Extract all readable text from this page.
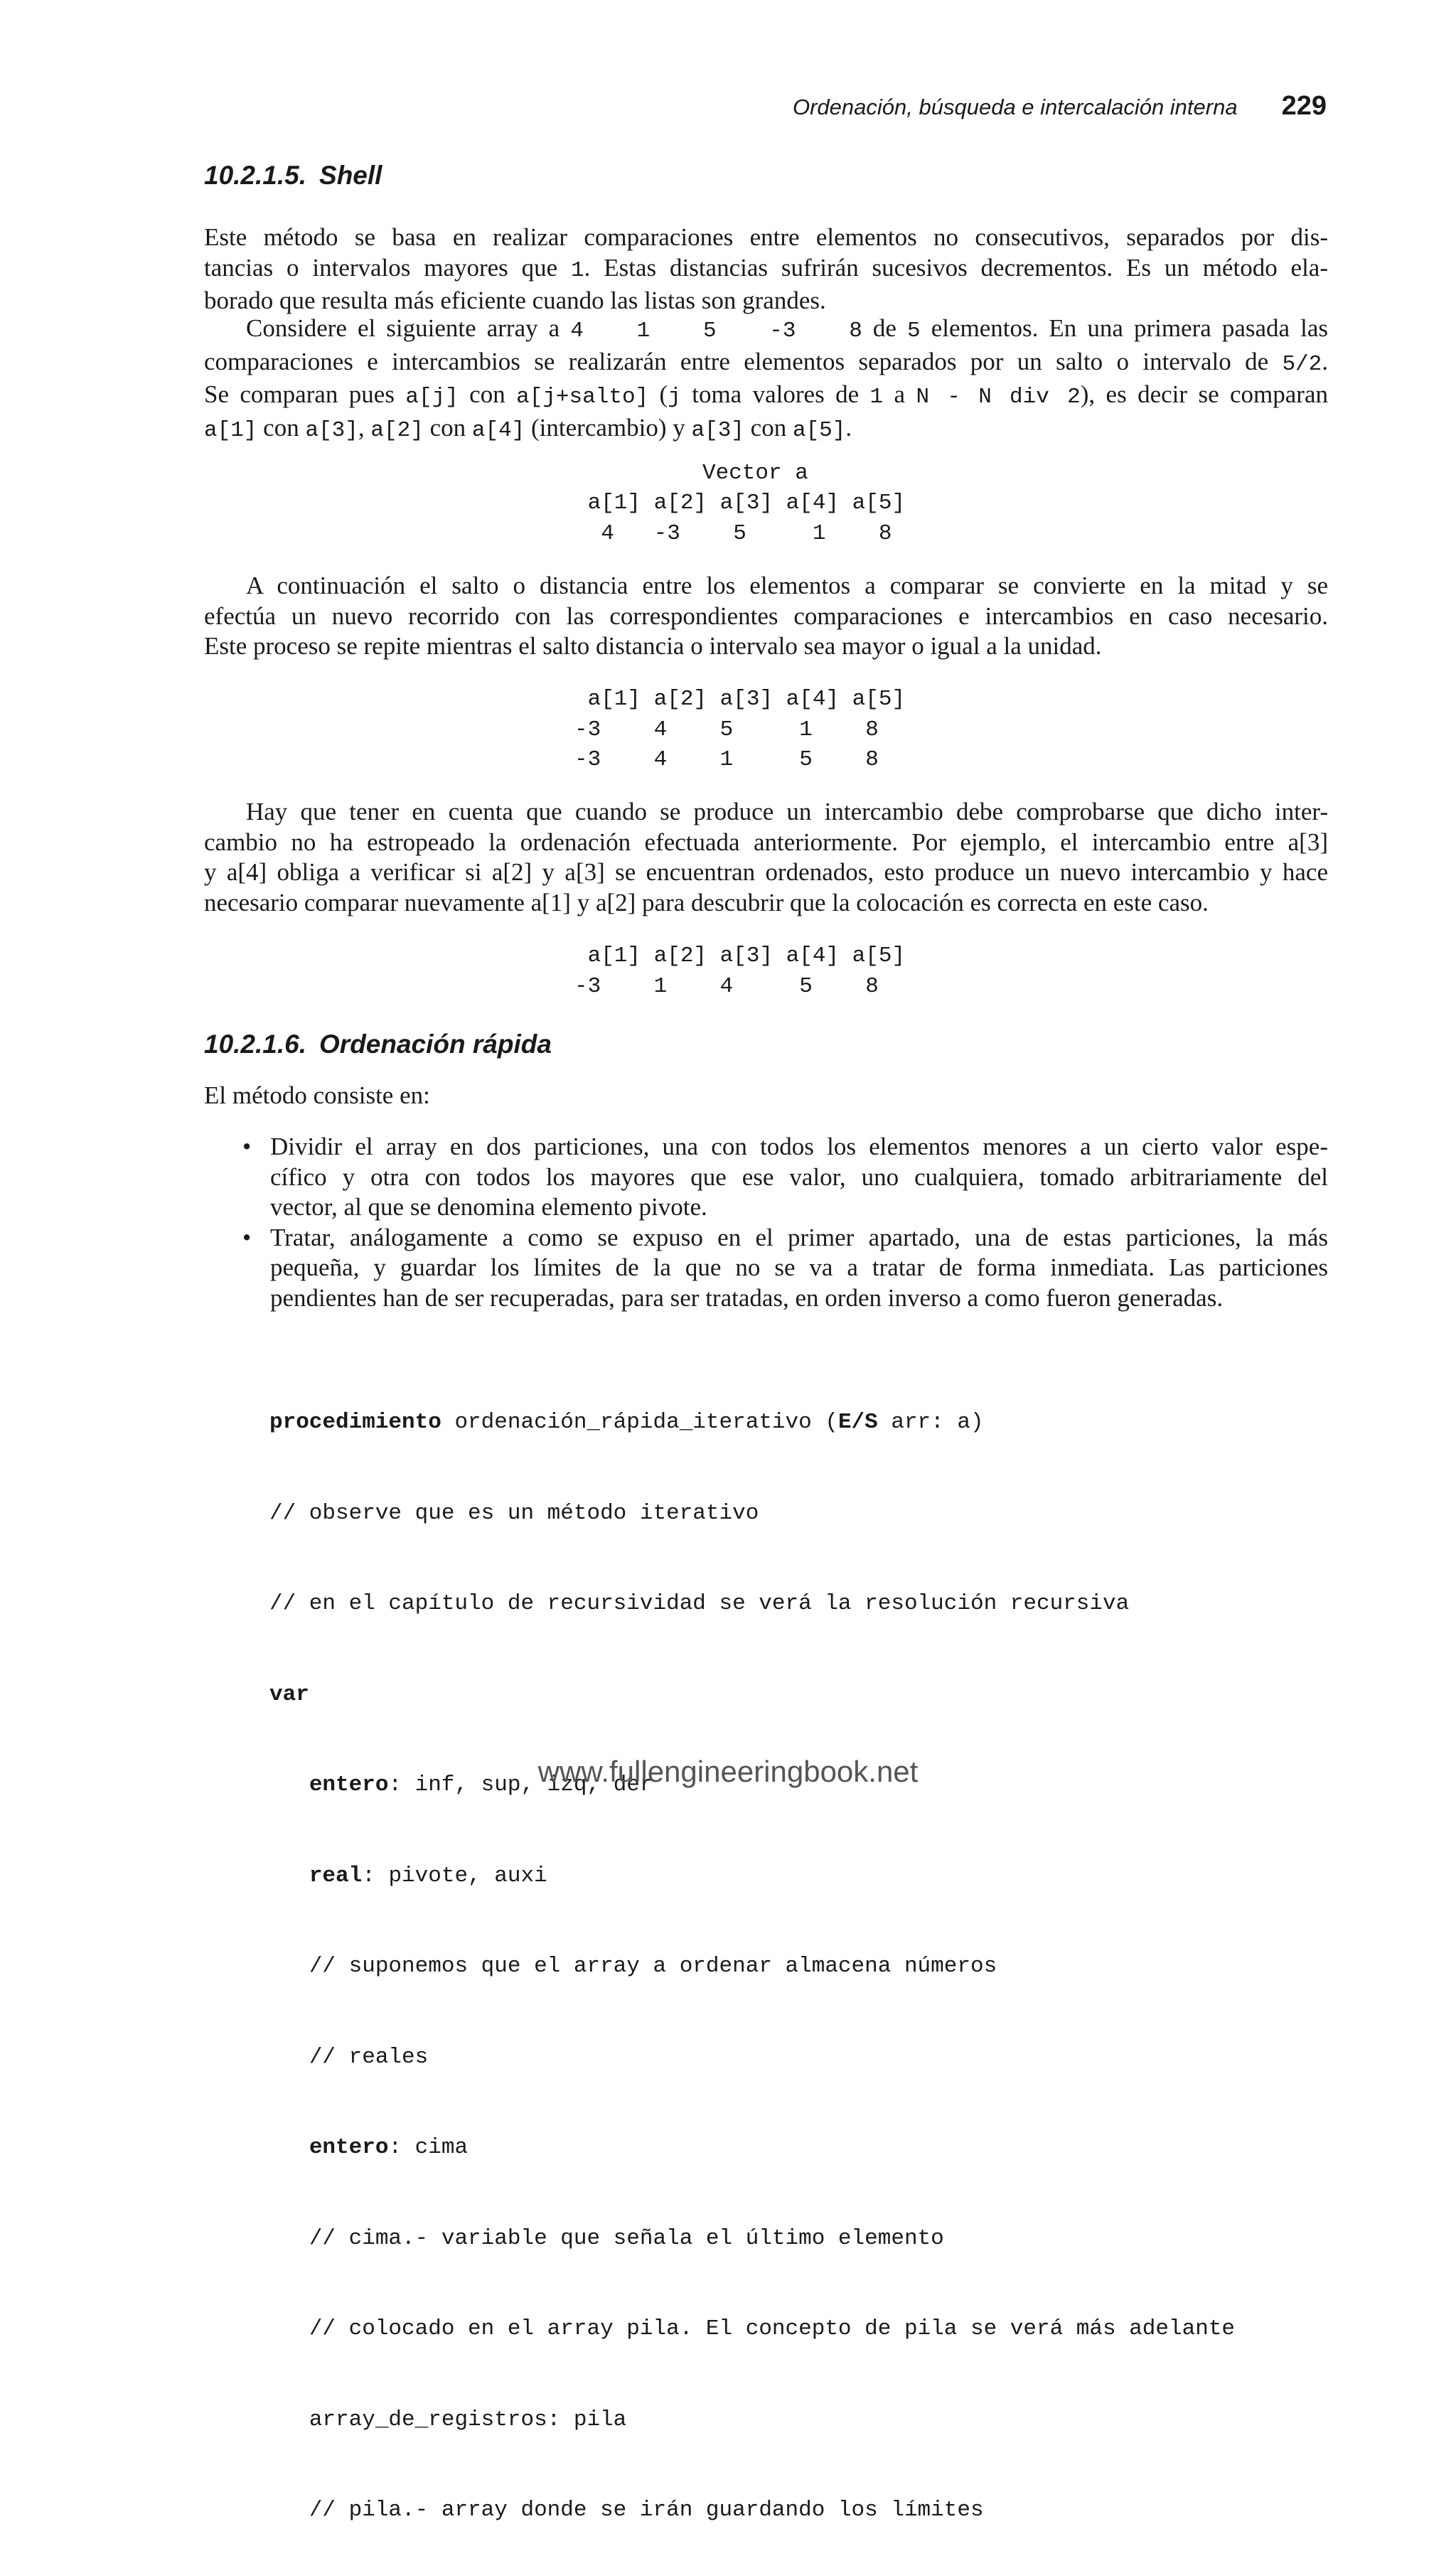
Ordenación, búsqueda e intercalación interna 229
10.2.1.5. Shell
Este método se basa en realizar comparaciones entre elementos no consecutivos, separados por dis-
tancias o intervalos mayores que 1. Estas distancias sufrirán sucesivos decrementos. Es un método ela-
borado que resulta más eficiente cuando las listas son grandes.
Considere el siguiente array a 4   1   5   -3   8 de 5 elementos. En una primera pasada las
comparaciones e intercambios se realizarán entre elementos separados por un salto o intervalo de 5/2.
Se comparan pues a[j] con a[j+salto] (j toma valores de 1 a N - N div 2), es decir se comparan
a[1] con a[3], a[2] con a[4] (intercambio) y a[3] con a[5].
Vector a
a[1] a[2] a[3] a[4] a[5]
4   -3    5     1    8
A continuación el salto o distancia entre los elementos a comparar se convierte en la mitad y se
efectúa un nuevo recorrido con las correspondientes comparaciones e intercambios en caso necesario.
Este proceso se repite mientras el salto distancia o intervalo sea mayor o igual a la unidad.
a[1] a[2] a[3] a[4] a[5]
-3    4    5     1    8
-3    4    1     5    8
Hay que tener en cuenta que cuando se produce un intercambio debe comprobarse que dicho inter-
cambio no ha estropeado la ordenación efectuada anteriormente. Por ejemplo, el intercambio entre a[3]
y a[4] obliga a verificar si a[2] y a[3] se encuentran ordenados, esto produce un nuevo intercambio y hace
necesario comparar nuevamente a[1] y a[2] para descubrir que la colocación es correcta en este caso.
a[1] a[2] a[3] a[4] a[5]
-3    1    4     5    8
10.2.1.6. Ordenación rápida
El método consiste en:
• Dividir el array en dos particiones, una con todos los elementos menores a un cierto valor espe-
cífico y otra con todos los mayores que ese valor, uno cualquiera, tomado arbitrariamente del
vector, al que se denomina elemento pivote.
• Tratar, análogamente a como se expuso en el primer apartado, una de estas particiones, la más
pequeña, y guardar los límites de la que no se va a tratar de forma inmediata. Las particiones
pendientes han de ser recuperadas, para ser tratadas, en orden inverso a como fueron generadas.

procedimiento ordenación_rápida_iterativo (E/S arr: a)

// observe que es un método iterativo

// en el capítulo de recursividad se verá la resolución recursiva

var

entero: inf, sup, izq, der

real: pivote, auxi

// suponemos que el array a ordenar almacena números

// reales

entero: cima

// cima.- variable que señala el último elemento

// colocado en el array pila. El concepto de pila se verá más adelante

array_de_registros: pila

// pila.- array donde se irán guardando los límites

www.fullengineeringbook.net
